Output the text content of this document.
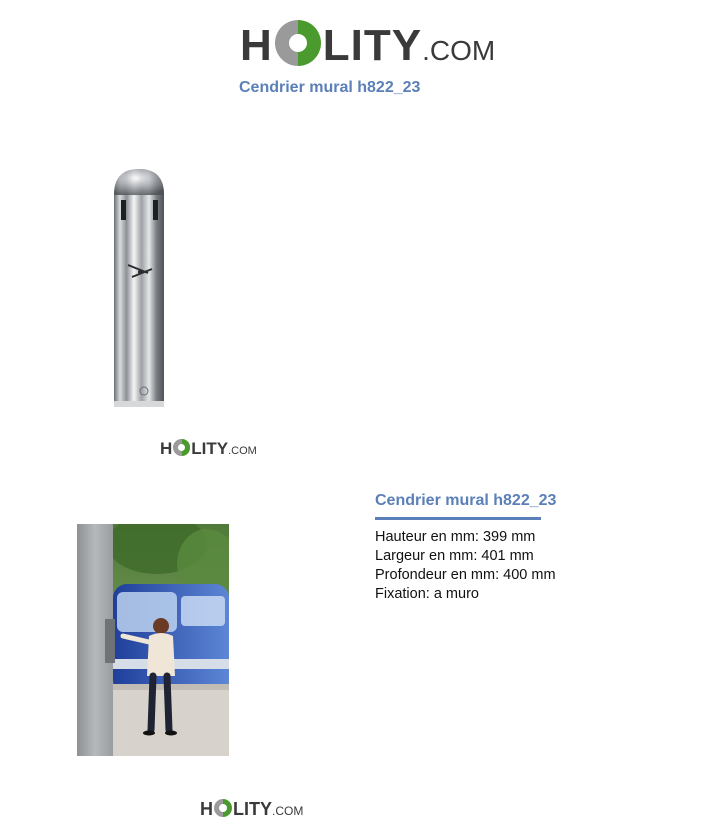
H LITY .COM
Cendrier mural h822_23
H LITY .COM
Cendrier mural h822_23
Hauteur en mm: 399 mm
Largeur en mm: 401 mm
Profondeur en mm: 400 mm
Fixation: a muro
H LITY .COM
